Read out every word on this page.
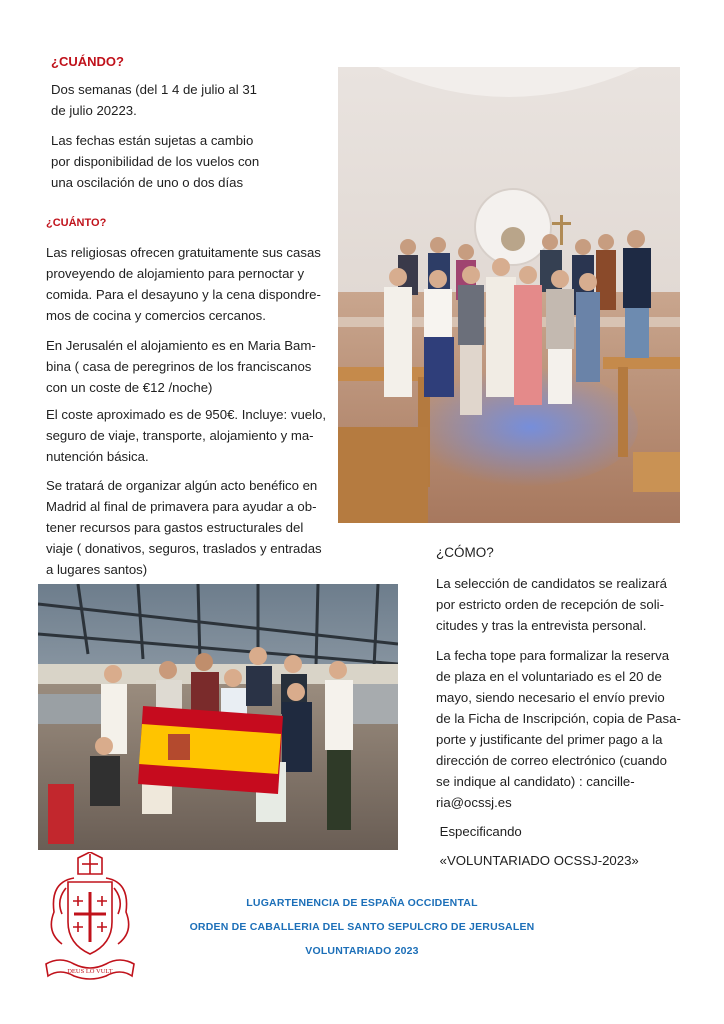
¿CUÁNDO?
Dos semanas (del 1 4 de julio al 31
de julio 20223.
Las fechas están sujetas a cambio
por disponibilidad de los vuelos con
una oscilación de uno o dos días
¿CUÁNTO?
Las religiosas ofrecen gratuitamente sus casas
proveyendo de alojamiento para pernoctar y
comida. Para el desayuno y la cena dispondre-
mos de cocina y comercios cercanos.
En Jerusalén el alojamiento es en Maria Bam-
bina ( casa de peregrinos de los franciscanos
con un coste de €12 /noche)
El coste aproximado es de 950€. Incluye: vuelo,
seguro de viaje, transporte, alojamiento y ma-
nutención básica.
Se tratará de organizar algún acto benéfico en
Madrid al final de primavera para ayudar a ob-
tener recursos para gastos estructurales del
viaje ( donativos, seguros, traslados y entradas
a lugares santos)
¿CÓMO?
La selección de candidatos se realizará
por estricto orden de recepción de soli-
citudes y tras la entrevista personal.
La fecha tope para formalizar la reserva
de plaza en el voluntariado es el 20 de
mayo, siendo necesario el envío previo
de la Ficha de Inscripción, copia de Pasa-
porte y justificante del primer pago a la
dirección de correo electrónico (cuando
se indique al candidato) : cancille-
ria@ocssj.es
Especificando
«VOLUNTARIADO OCSSJ-2023»
DEUS LO VULT
LUGARTENENCIA DE ESPAÑA OCCIDENTAL
ORDEN DE CABALLERIA DEL SANTO SEPULCRO DE JERUSALEN
VOLUNTARIADO 2023
